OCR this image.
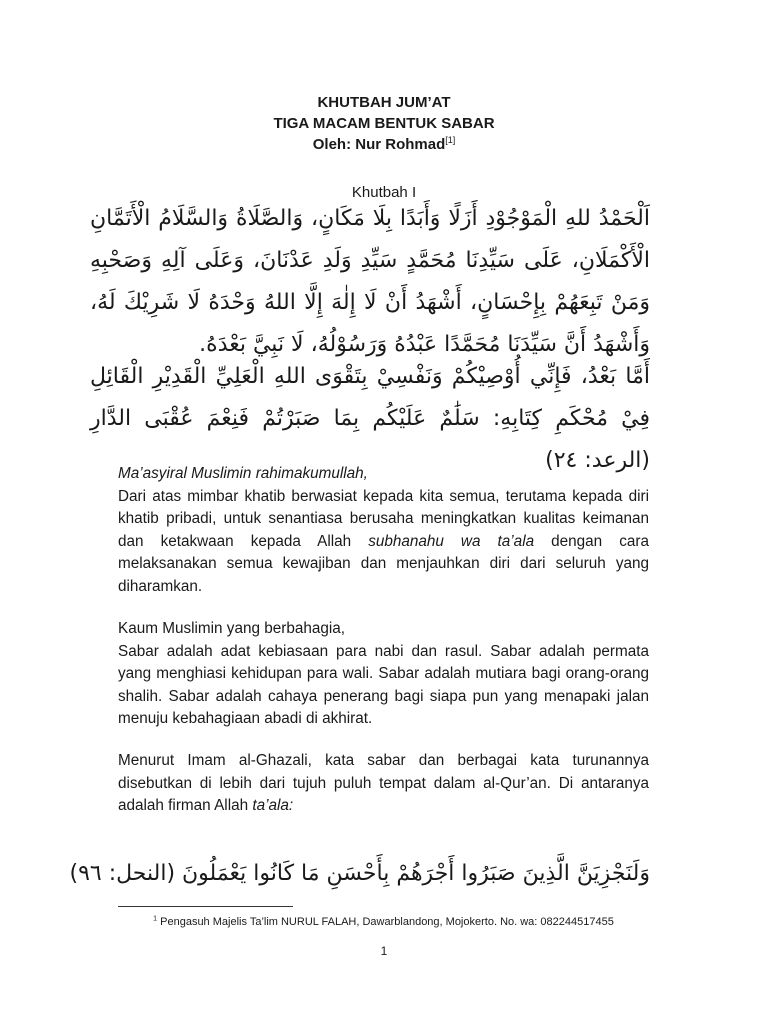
KHUTBAH JUM’AT
TIGA MACAM BENTUK SABAR
Oleh: Nur Rohmad[1]
Khutbah I

اَلْحَمْدُ للهِ الْمَوْجُوْدِ أَزَلًا وَأَبَدًا بِلَا مَكَانٍ، وَالصَّلَاةُ وَالسَّلَامُ الْأَتَمَّانِ الْأَكْمَلَانِ، عَلَى سَيِّدِنَا مُحَمَّدٍ سَيِّدِ وَلَدِ عَدْنَانَ، وَعَلَى آلِهِ وَصَحْبِهِ وَمَنْ تَبِعَهُمْ بِإِحْسَانٍ، أَشْهَدُ أَنْ لَا إِلٰهَ إِلَّا اللهُ وَحْدَهُ لَا شَرِيْكَ لَهُ، وَأَشْهَدُ أَنَّ سَيِّدَنَا مُحَمَّدًا عَبْدُهُ وَرَسُوْلُهُ، لَا نَبِيَّ بَعْدَهُ.

أَمَّا بَعْدُ، فَإِنِّي أُوْصِيْكُمْ وَنَفْسِيْ بِتَقْوَى اللهِ الْعَلِيِّ الْقَدِيْرِ الْقَائِلِ فِيْ مُحْكَمِ كِتَابِهِ: سَلَٰمٌ عَلَيْكُم بِمَا صَبَرْتُمْ فَنِعْمَ عُقْبَى الدَّارِ (الرعد: ٢٤)

Ma’asyiral Muslimin rahimakumullah,

Dari atas mimbar khatib berwasiat kepada kita semua, terutama kepada diri khatib pribadi, untuk senantiasa berusaha meningkatkan kualitas keimanan dan ketakwaan kepada Allah subhanahu wa ta’ala dengan cara melaksanakan semua kewajiban dan menjauhkan diri dari seluruh yang diharamkan.

Kaum Muslimin yang berbahagia,

Sabar adalah adat kebiasaan para nabi dan rasul. Sabar adalah permata yang menghiasi kehidupan para wali. Sabar adalah mutiara bagi orang-orang shalih. Sabar adalah cahaya penerang bagi siapa pun yang menapaki jalan menuju kebahagiaan abadi di akhirat.

Menurut Imam al-Ghazali, kata sabar dan berbagai kata turunannya disebutkan di lebih dari tujuh puluh tempat dalam al-Qur’an. Di antaranya adalah firman Allah ta’ala:

وَلَنَجْزِيَنَّ الَّذِينَ صَبَرُوا أَجْرَهُمْ بِأَحْسَنِ مَا كَانُوا يَعْمَلُونَ (النحل: ٩٦)
$^1$ Pengasuh Majelis Ta’lim NURUL FALAH, Dawarblandong, Mojokerto. No. wa: 082244517455
1
